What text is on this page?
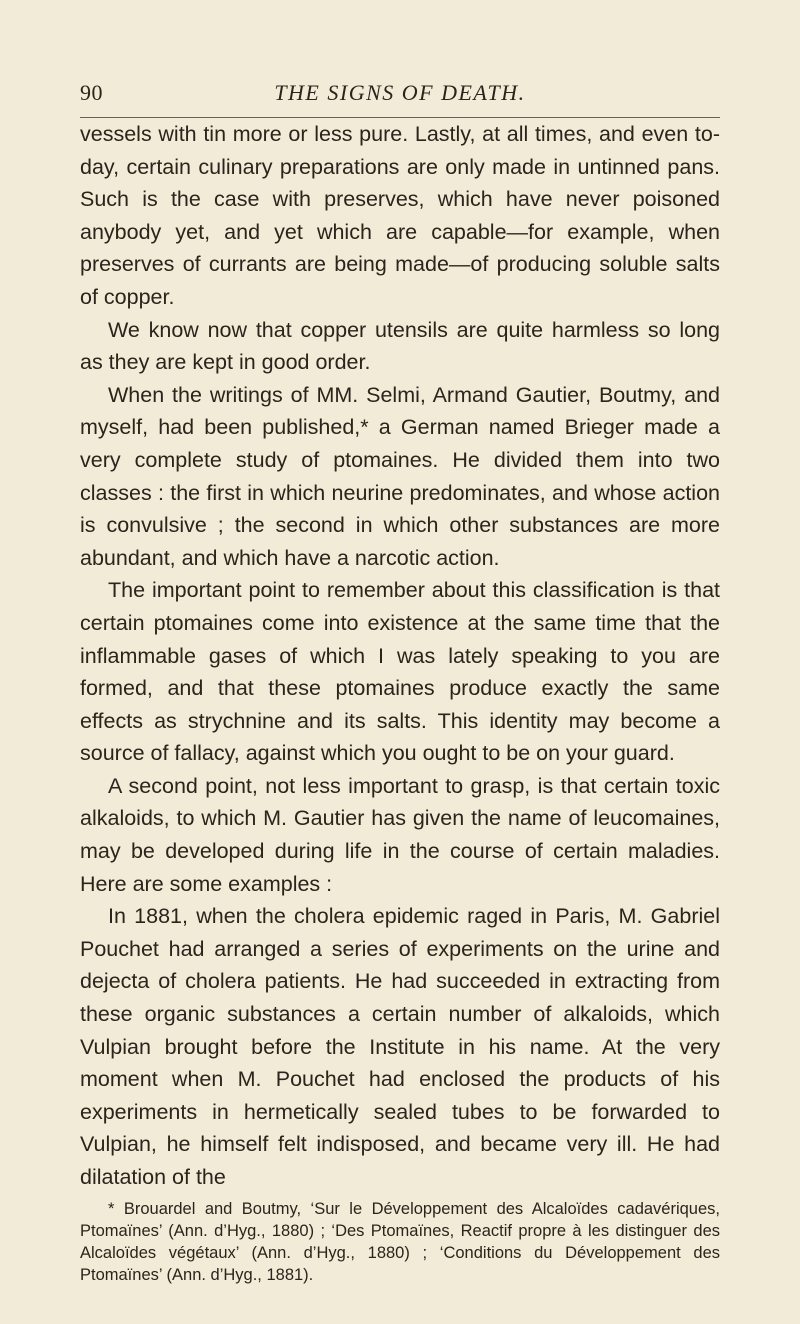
90	THE SIGNS OF DEATH.

vessels with tin more or less pure. Lastly, at all times, and even to-day, certain culinary preparations are only made in untinned pans. Such is the case with preserves, which have never poisoned anybody yet, and yet which are capable—for example, when preserves of currants are being made—of producing soluble salts of copper.

We know now that copper utensils are quite harmless so long as they are kept in good order.

When the writings of MM. Selmi, Armand Gautier, Boutmy, and myself, had been published,* a German named Brieger made a very complete study of ptomaines. He divided them into two classes : the first in which neurine predominates, and whose action is convulsive ; the second in which other substances are more abundant, and which have a narcotic action.

The important point to remember about this classification is that certain ptomaines come into existence at the same time that the inflammable gases of which I was lately speaking to you are formed, and that these ptomaines produce exactly the same effects as strychnine and its salts. This identity may become a source of fallacy, against which you ought to be on your guard.

A second point, not less important to grasp, is that certain toxic alkaloids, to which M. Gautier has given the name of leucomaines, may be developed during life in the course of certain maladies. Here are some examples :

In 1881, when the cholera epidemic raged in Paris, M. Gabriel Pouchet had arranged a series of experiments on the urine and dejecta of cholera patients. He had succeeded in extracting from these organic substances a certain number of alkaloids, which Vulpian brought before the Institute in his name. At the very moment when M. Pouchet had enclosed the products of his experiments in hermetically sealed tubes to be forwarded to Vulpian, he himself felt indisposed, and became very ill. He had dilatation of the

* Brouardel and Boutmy, ‘Sur le Développement des Alcaloïdes cadavériques, Ptomaïnes’ (Ann. d’Hyg., 1880) ; ‘Des Ptomaïnes, Reactif propre à les distinguer des Alcaloïdes végétaux’ (Ann. d’Hyg., 1880) ; ‘Conditions du Développement des Ptomaïnes’ (Ann. d’Hyg., 1881).
